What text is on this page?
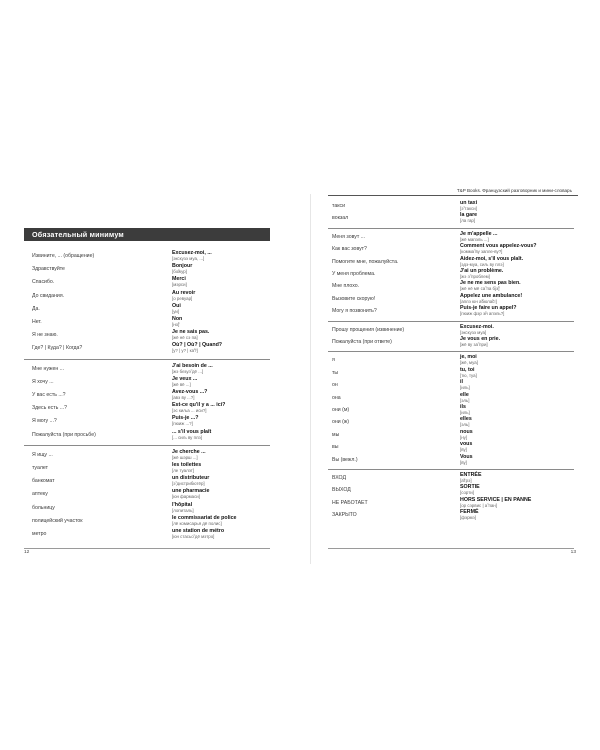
Обязательный минимум
Извините, ... (обращение)	Excusez-moi, ...
[экскузэ муа, ...]
Здравствуйте	Bonjour
[бо̃жур]
Спасибо.	Merci
[мэрси]
До свидания.	Au revoir
[о ревуар]
Да.	Oui
[уи]
Нет.	Non
[но̃]
Я не знаю.	Je ne sais pas.
[жё нё сэ па]
Где? | Куда? | Когда?	Où? | Où? | Quand?
[у? | у? | ка̃?]
Мне нужен ...	J'ai besoin de ...
[жэ безуэ̃ дё ...]
Я хочу ...	Je veux ...
[жё вё ...]
У вас есть ...?	Avez-vous ...?
[авэ ву ...?]
Здесь есть ...?	Est-ce qu'il y a ... ici?
[эс киља ... иси?]
Я могу ...?	Puis-je ...?
[пюиж ...?]
Пожалуйста (при просьбе)	... s'il vous plaît
[... сиљ ву плэ]
Я ищу ...	Je cherche ...
[жё шэрш ...]
туалет	les toilettes
[ле туалэт]
банкомат	un distributeur
[э̃ дистрибютёр]
аптеку	une pharmacie
[юн фармаси]
больницу	l'hôpital
[лопиталь]
полицейский участок	le commissariat de police
[лё комисарья дё полис]
метро	une station de métro
[юн стасьо̃ дё мэтро]
12
T&P Books. Французский разговорник и мини-словарь
такси	un taxi
[э̃ такси]
вокзал	la gare
[ла гар]
Меня зовут ...	Je m'appelle ...
[жё мапэль ...]
Как вас зовут?	Comment vous appelez-vous?
[комма̃ ву запле-ву?]
Помогите мне, пожалуйста.	Aidez-moi, s'il vous plaît.
[эдэ-муа, сиљ ву плэ]
У меня проблема.	J'ai un problème.
[жэ э̃ проблем]
Мне плохо.	Je ne me sens pas bien.
[жё нё мё са̃ па бјэ̃]
Вызовите скорую!	Appelez une ambulance!
[аплэ юн а̃бюла̃с!]
Могу я позвонить?	Puis-je faire un appel?
[пюиж фэр э̃н апэль?]
Прошу прощения (извинение)	Excusez-moi.
[экскузэ муа]
Пожалуйста (при ответе)	Je vous en prie.
[жё ву за̃ при]
я	je, moi
[жё, муа]
ты	tu, toi
[тю, туа]
он	il
[иль]
она	elle
[эль]
они (м)	ils
[иль]
они (ж)	elles
[эль]
мы	nous
[ну]
вы	vous
[ву]
Вы (вежл.)	Vous
[ву]
ВХОД	ENTRÉE
[а̃трэ]
ВЫХОД	SORTIE
[сорти]
НЕ РАБОТАЕТ	HORS SERVICE | EN PANNE
[ор сэрвис | а̃ пан]
ЗАКРЫТО	FERMÉ
[фэрмэ]
13
